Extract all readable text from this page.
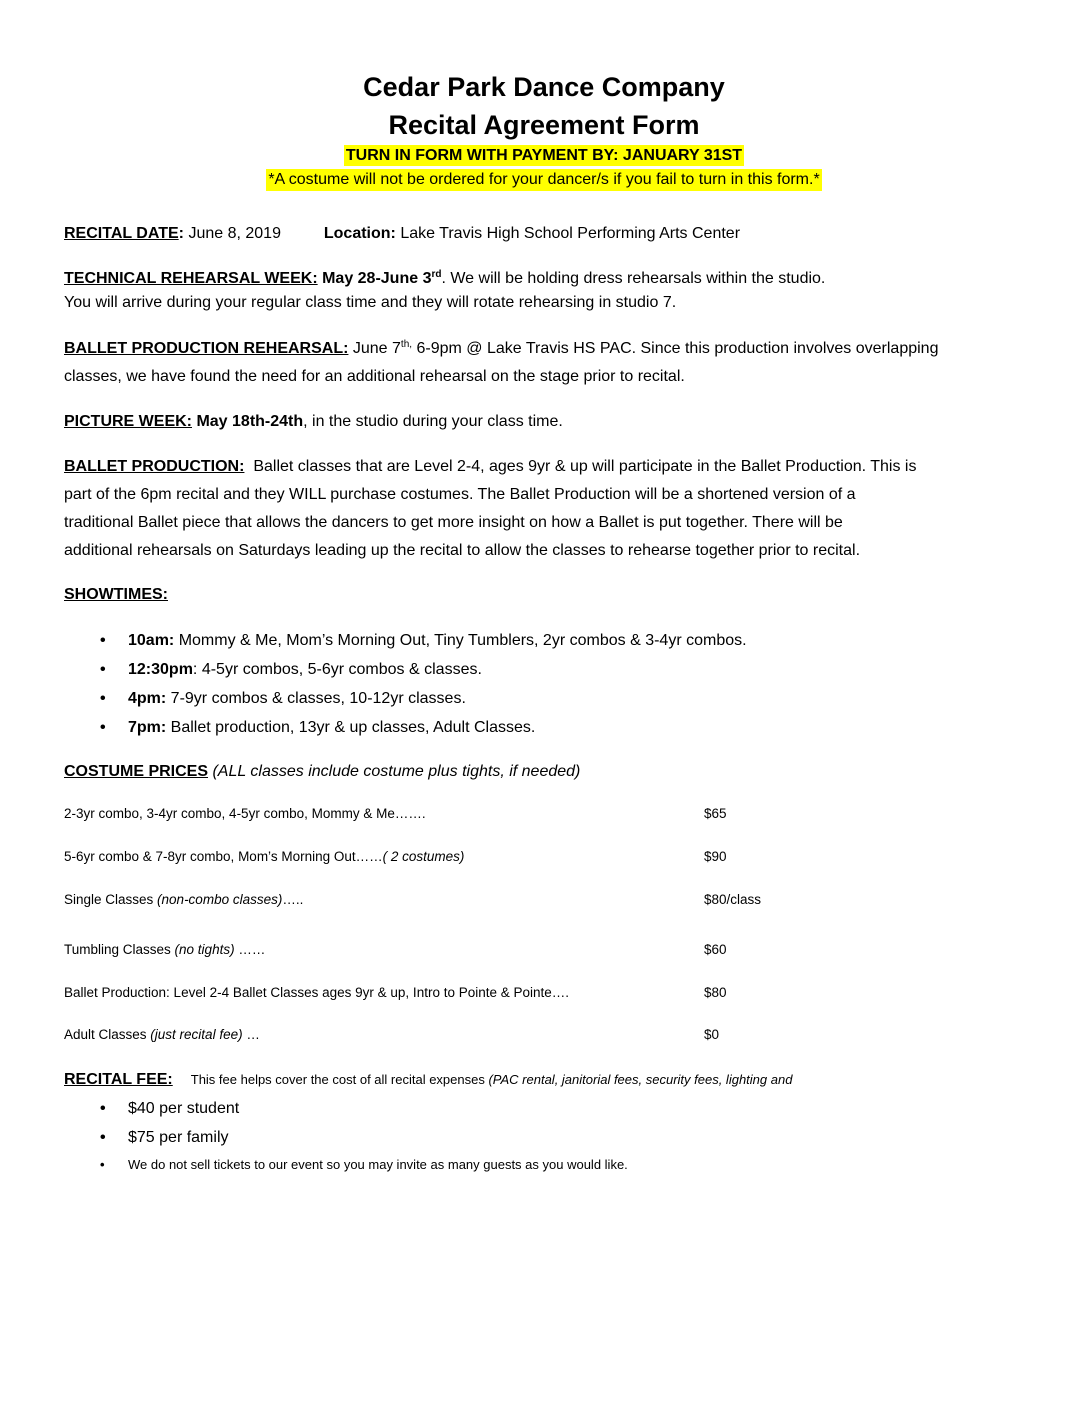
Cedar Park Dance Company
Recital Agreement Form
TURN IN FORM WITH PAYMENT BY: JANUARY 31ST
*A costume will not be ordered for your dancer/s if you fail to turn in this form.*
RECITAL DATE: June 8, 2019	Location: Lake Travis High School Performing Arts Center
TECHNICAL REHEARSAL WEEK: May 28-June 3rd. We will be holding dress rehearsals within the studio.
You will arrive during your regular class time and they will rotate rehearsing in studio 7.
BALLET PRODUCTION REHEARSAL: June $7^{th,}$ 6-9pm @ Lake Travis HS PAC. Since this production involves overlapping
classes, we have found the need for an additional rehearsal on the stage prior to recital.
PICTURE WEEK: May 18th-24th, in the studio during your class time.
BALLET PRODUCTION:  Ballet classes that are Level 2-4, ages 9yr & up will participate in the Ballet Production. This is
part of the 6pm recital and they WILL purchase costumes. The Ballet Production will be a shortened version of a
traditional Ballet piece that allows the dancers to get more insight on how a Ballet is put together. There will be
additional rehearsals on Saturdays leading up the recital to allow the classes to rehearse together prior to recital.
SHOWTIMES:
• 10am: Mommy & Me, Mom’s Morning Out, Tiny Tumblers, 2yr combos & 3-4yr combos.
• 12:30pm: 4-5yr combos, 5-6yr combos & classes.
• 4pm: 7-9yr combos & classes, 10-12yr classes.
• 7pm: Ballet production, 13yr & up classes, Adult Classes.
COSTUME PRICES (ALL classes include costume plus tights, if needed)
2-3yr combo, 3-4yr combo, 4-5yr combo, Mommy & Me…….	$65
5-6yr combo & 7-8yr combo, Mom’s Morning Out……( 2 costumes)	$90
Single Classes (non-combo classes)…..	$80/class
Tumbling Classes (no tights) ……	$60
Ballet Production: Level 2-4 Ballet Classes ages 9yr & up, Intro to Pointe & Pointe….	$80
Adult Classes (just recital fee) …	$0
RECITAL FEE: This fee helps cover the cost of all recital expenses (PAC rental, janitorial fees, security fees, lighting and
• $40 per student
• $75 per family
• We do not sell tickets to our event so you may invite as many guests as you would like.
